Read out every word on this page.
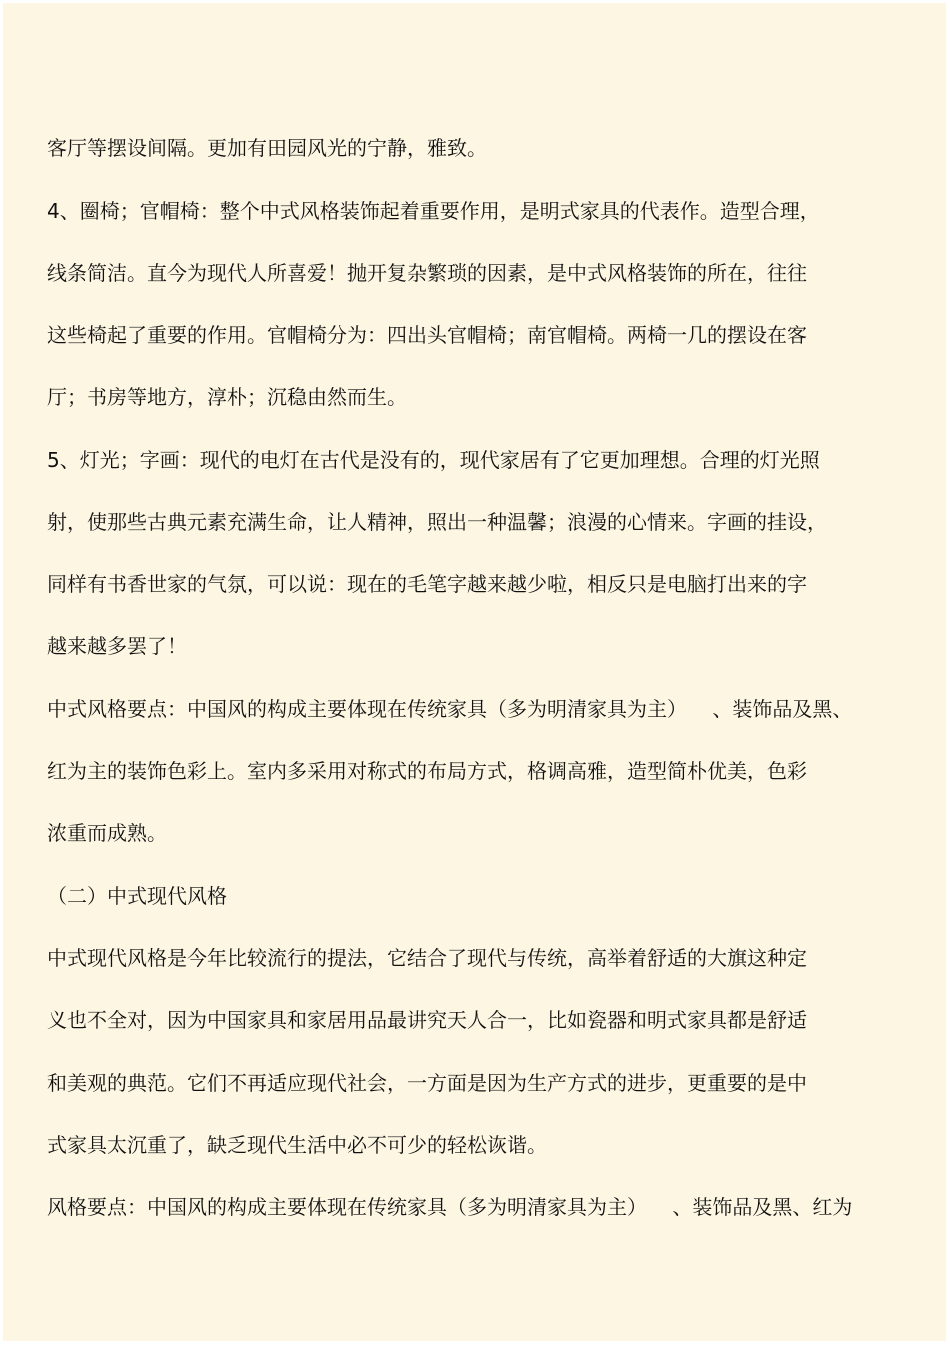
客厅等摆设间隔。更加有田园风光的宁静，雅致。

4、圈椅；官帽椅：整个中式风格装饰起着重要作用，是明式家具的代表作。造型合理，

线条简洁。直今为现代人所喜爱！抛开复杂繁琐的因素，是中式风格装饰的所在，往往

这些椅起了重要的作用。官帽椅分为：四出头官帽椅；南官帽椅。两椅一几的摆设在客

厅；书房等地方，淳朴；沉稳由然而生。

5、灯光；字画：现代的电灯在古代是没有的，现代家居有了它更加理想。合理的灯光照

射，使那些古典元素充满生命，让人精神，照出一种温馨；浪漫的心情来。字画的挂设，

同样有书香世家的气氛，可以说：现在的毛笔字越来越少啦，相反只是电脑打出来的字

越来越多罢了！

中式风格要点：中国风的构成主要体现在传统家具（多为明清家具为主）    、装饰品及黑、

红为主的装饰色彩上。室内多采用对称式的布局方式，格调高雅，造型简朴优美，色彩

浓重而成熟。

（二）中式现代风格

中式现代风格是今年比较流行的提法，它结合了现代与传统，高举着舒适的大旗这种定

义也不全对，因为中国家具和家居用品最讲究天人合一，比如瓷器和明式家具都是舒适

和美观的典范。它们不再适应现代社会，一方面是因为生产方式的进步，更重要的是中

式家具太沉重了，缺乏现代生活中必不可少的轻松诙谐。

风格要点：中国风的构成主要体现在传统家具（多为明清家具为主）    、装饰品及黑、红为
